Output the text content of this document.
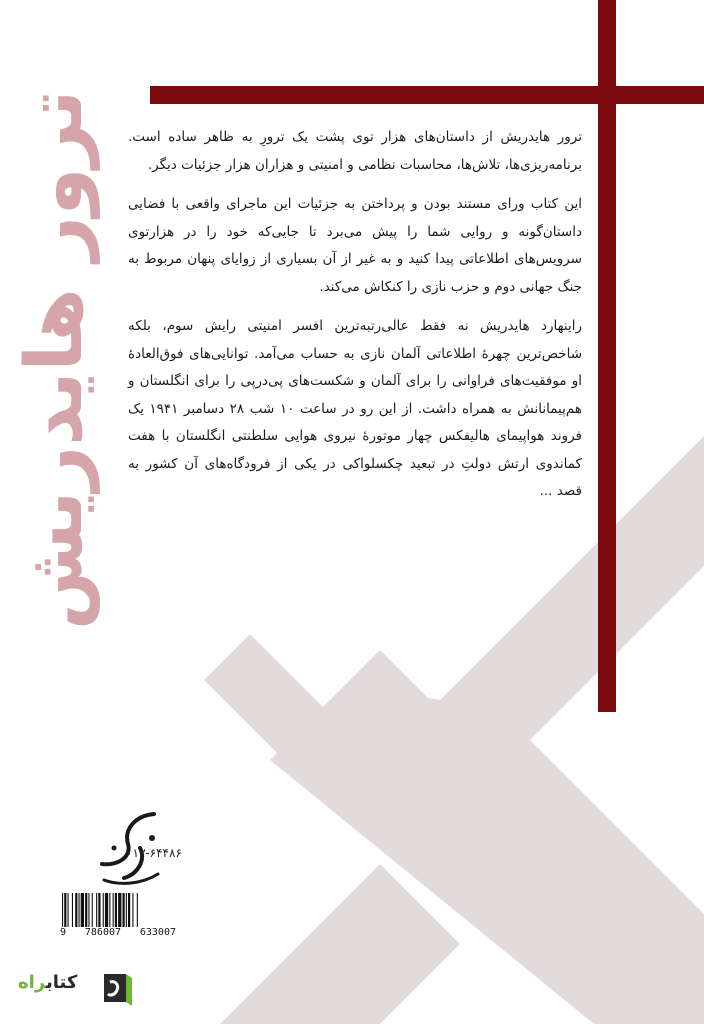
ترور هایدریش ترور هایدریش از داستان‌های هزار توی پشت یک ترورِ به ظاهر ساده است. برنامه‌ریزی‌ها، تلاش‌ها، محاسبات نظامی و امنیتی و هزاران هزار جزئیات دیگر.

این کتاب ورای مستند بودن و پرداختن به جزئیات این ماجرای واقعی با فضایی داستان‌گونه و روایی شما را پیش می‌برد تا جایی‌که خود را در هزارتوی سرویس‌های اطلاعاتی پیدا کنید و به غیر از آن بسیاری از زوایای پنهان مربوط به جنگ جهانی دوم و حزب نازی را کنکاش می‌کند.

راینهارد هایدریش نه فقط عالی‌رتبه‌ترین افسر امنیتی رایش سوم، بلکه شاخص‌ترین چهرهٔ اطلاعاتی آلمان نازی به حساب می‌آمد. توانایی‌های فوق‌العادهٔ او موفقیت‌های فراوانی را برای آلمان و شکست‌های پی‌درپی را برای انگلستان و هم‌پیمانانش به همراه داشت. از این رو در ساعت ۱۰ شب ۲۸ دسامبر ۱۹۴۱ یک فروند هواپیمای هالیفکس چهار موتورهٔ نیروی هوایی سلطنتی انگلستان با هفت کماندوی ارتش دولتِ در تبعید چکسلواکی در یکی از فرودگاه‌های آن کشور به قصد ...

۰۱۳-۶۴۴۸۶
9 786007 633007
کتابراه
